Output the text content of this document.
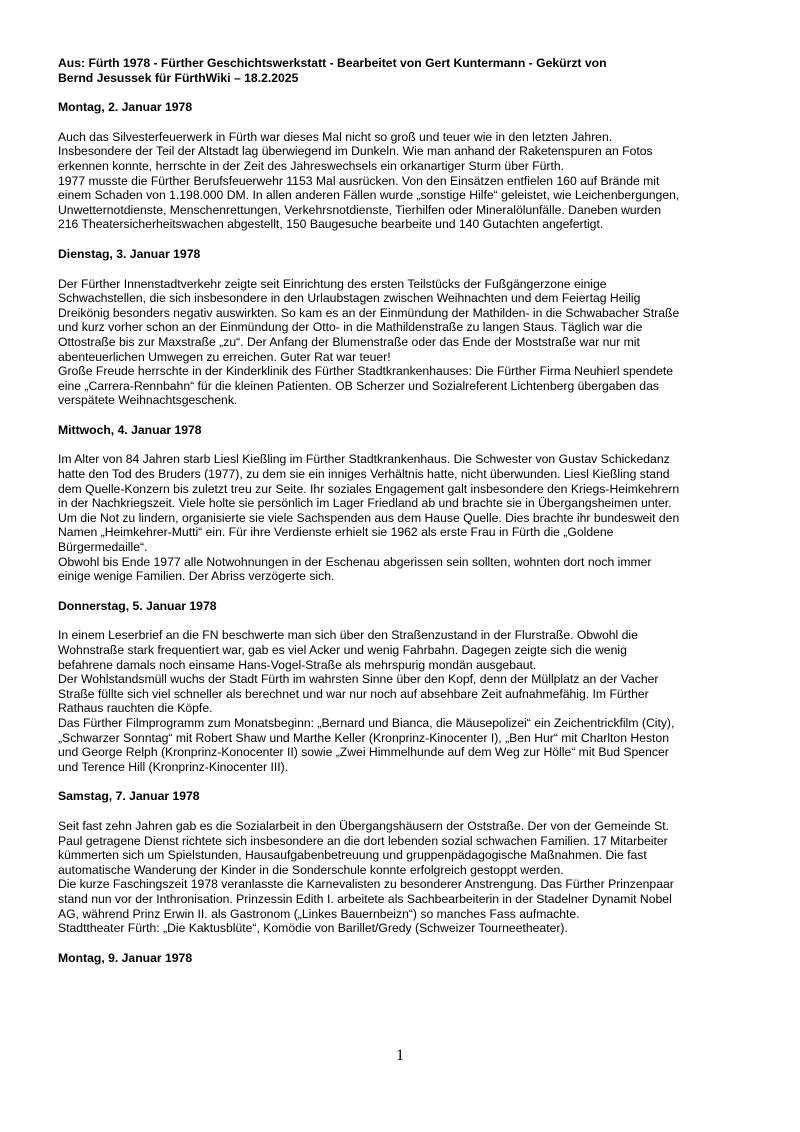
Aus: Fürth 1978 - Fürther Geschichtswerkstatt - Bearbeitet von Gert Kuntermann - Gekürzt von

Bernd Jesussek für FürthWiki – 18.2.2025

Montag, 2. Januar 1978

Auch das Silvesterfeuerwerk in Fürth war dieses Mal nicht so groß und teuer wie in den letzten Jahren.

Insbesondere der Teil der Altstadt lag überwiegend im Dunkeln. Wie man anhand der Raketenspuren an Fotos

erkennen konnte, herrschte in der Zeit des Jahreswechsels ein orkanartiger Sturm über Fürth.

1977 musste die Fürther Berufsfeuerwehr 1153 Mal ausrücken. Von den Einsätzen entfielen 160 auf Brände mit

einem Schaden von 1.198.000 DM. In allen anderen Fällen wurde „sonstige Hilfe“ geleistet, wie Leichenbergungen,

Unwetternotdienste, Menschenrettungen, Verkehrsnotdienste, Tierhilfen oder Mineralölunfälle. Daneben wurden

216 Theatersicherheitswachen abgestellt, 150 Baugesuche bearbeite und 140 Gutachten angefertigt.

Dienstag, 3. Januar 1978

Der Fürther Innenstadtverkehr zeigte seit Einrichtung des ersten Teilstücks der Fußgängerzone einige

Schwachstellen, die sich insbesondere in den Urlaubstagen zwischen Weihnachten und dem Feiertag Heilig

Dreikönig besonders negativ auswirkten. So kam es an der Einmündung der Mathilden- in die Schwabacher Straße

und kurz vorher schon an der Einmündung der Otto- in die Mathildenstraße zu langen Staus. Täglich war die

Ottostraße bis zur Maxstraße „zu“. Der Anfang der Blumenstraße oder das Ende der Moststraße war nur mit

abenteuerlichen Umwegen zu erreichen. Guter Rat war teuer!

Große Freude herrschte in der Kinderklinik des Fürther Stadtkrankenhauses: Die Fürther Firma Neuhierl spendete

eine „Carrera-Rennbahn“ für die kleinen Patienten. OB Scherzer und Sozialreferent Lichtenberg übergaben das

verspätete Weihnachtsgeschenk.

Mittwoch, 4. Januar 1978

Im Alter von 84 Jahren starb Liesl Kießling im Fürther Stadtkrankenhaus. Die Schwester von Gustav Schickedanz

hatte den Tod des Bruders (1977), zu dem sie ein inniges Verhältnis hatte, nicht überwunden. Liesl Kießling stand

dem Quelle-Konzern bis zuletzt treu zur Seite. Ihr soziales Engagement galt insbesondere den Kriegs-Heimkehrern

in der Nachkriegszeit. Viele holte sie persönlich im Lager Friedland ab und brachte sie in Übergangsheimen unter.

Um die Not zu lindern, organisierte sie viele Sachspenden aus dem Hause Quelle. Dies brachte ihr bundesweit den

Namen „Heimkehrer-Mutti“ ein. Für ihre Verdienste erhielt sie 1962 als erste Frau in Fürth die „Goldene

Bürgermedaille“.

Obwohl bis Ende 1977 alle Notwohnungen in der Eschenau abgerissen sein sollten, wohnten dort noch immer

einige wenige Familien. Der Abriss verzögerte sich.

Donnerstag, 5. Januar 1978

In einem Leserbrief an die FN beschwerte man sich über den Straßenzustand in der Flurstraße. Obwohl die

Wohnstraße stark frequentiert war, gab es viel Acker und wenig Fahrbahn. Dagegen zeigte sich die wenig

befahrene damals noch einsame Hans-Vogel-Straße als mehrspurig mondän ausgebaut.

Der Wohlstandsmüll wuchs der Stadt Fürth im wahrsten Sinne über den Kopf, denn der Müllplatz an der Vacher

Straße füllte sich viel schneller als berechnet und war nur noch auf absehbare Zeit aufnahmefähig. Im Fürther

Rathaus rauchten die Köpfe.

Das Fürther Filmprogramm zum Monatsbeginn: „Bernard und Bianca, die Mäusepolizei“ ein Zeichentrickfilm (City),

„Schwarzer Sonntag“ mit Robert Shaw und Marthe Keller (Kronprinz-Kinocenter I), „Ben Hur“ mit Charlton Heston

und George Relph (Kronprinz-Konocenter II) sowie „Zwei Himmelhunde auf dem Weg zur Hölle“ mit Bud Spencer

und Terence Hill (Kronprinz-Kinocenter III).

Samstag, 7. Januar 1978

Seit fast zehn Jahren gab es die Sozialarbeit in den Übergangshäusern der Oststraße. Der von der Gemeinde St.

Paul getragene Dienst richtete sich insbesondere an die dort lebenden sozial schwachen Familien. 17 Mitarbeiter

kümmerten sich um Spielstunden, Hausaufgabenbetreuung und gruppenpädagogische Maßnahmen. Die fast

automatische Wanderung der Kinder in die Sonderschule konnte erfolgreich gestoppt werden.

Die kurze Faschingszeit 1978 veranlasste die Karnevalisten zu besonderer Anstrengung. Das Fürther Prinzenpaar

stand nun vor der Inthronisation. Prinzessin Edith I. arbeitete als Sachbearbeiterin in der Stadelner Dynamit Nobel

AG, während Prinz Erwin II. als Gastronom („Linkes Bauernbeizn“) so manches Fass aufmachte.

Stadttheater Fürth: „Die Kaktusblüte“, Komödie von Barillet/Gredy (Schweizer Tourneetheater).

Montag, 9. Januar 1978
1
